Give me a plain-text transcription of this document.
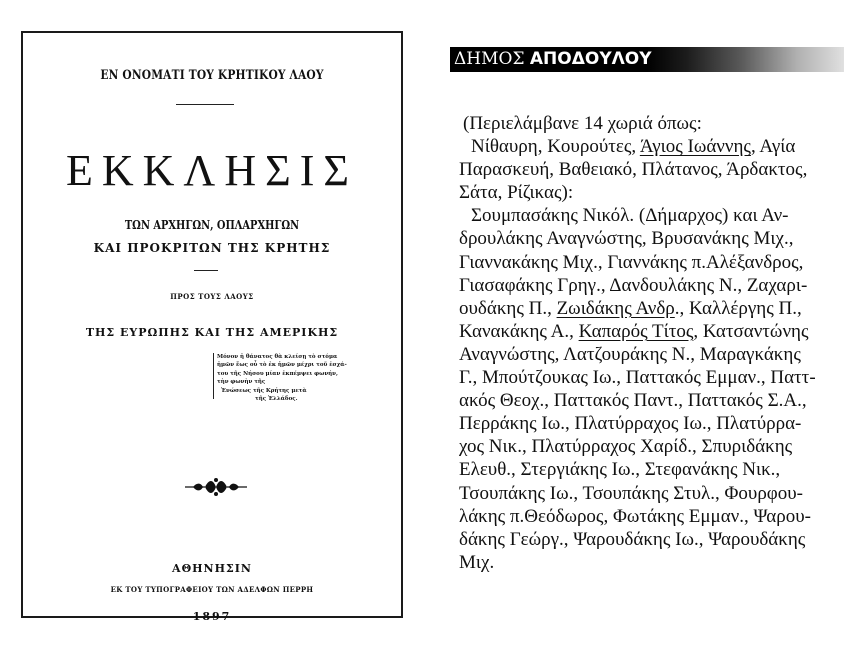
ΕΝ ΟΝΟΜΑΤΙ ΤΟΥ ΚΡΗΤΙΚΟΥ ΛΑΟΥ
ΕΚΚΛΗΣΙΣ
ΤΩΝ ΑΡΧΗΓΩΝ, ΟΠΛΑΡΧΗΓΩΝ
ΚΑΙ ΠΡΟΚΡΙΤΩΝ ΤΗΣ ΚΡΗΤΗΣ
ΠΡΟΣ ΤΟΥΣ ΛΑΟΥΣ
ΤΗΣ ΕΥΡΩΠΗΣ ΚΑΙ ΤΗΣ ΑΜΕΡΙΚΗΣ
Μόνον ἡ θάνατος θὰ κλείσῃ τὸ στόμα
ἡμῶν ἕως οὗ τὸ ἐκ ἡμῶν μέχρι τοῦ ἐσχά-
του τῆς Νήσου μίαν ἐκπέμψει φωνήν,
τὴν φωνὴν τῆς
Ἑνώσεως τῆς Κρήτης μετὰ
τῆς Ἑλλάδος.
ΑΘΗΝΗΣΙΝ
ΕΚ ΤΟΥ ΤΥΠΟΓΡΑΦΕΙΟΥ ΤΩΝ ΑΔΕΛΦΩΝ ΠΕΡΡΗ
1897
ΔΗΜΟΣ ΑΠΟΔΟΥΛΟΥ
(Περιελάμβανε 14 χωριά όπως:
Νίθαυρη, Κουρούτες, Άγιος Ιωάννης, Αγία
Παρασκευή, Βαθειακό, Πλάτανος, Άρδακτος,
Σάτα, Ρίζικας):
Σουμπασάκης Νικόλ. (Δήμαρχος) και Αν-
δρουλάκης Αναγνώστης, Βρυσανάκης Μιχ.,
Γιαννακάκης Μιχ., Γιαννάκης π.Αλέξανδρος,
Γιασαφάκης Γρηγ., Δανδουλάκης Ν., Ζαχαρι-
ουδάκης Π., Ζωιδάκης Ανδρ., Καλλέργης Π.,
Κανακάκης Α., Καπαρός Τίτος, Κατσαντώνης
Αναγνώστης, Λατζουράκης Ν., Μαραγκάκης
Γ., Μπούτζουκας Ιω., Παττακός Εμμαν., Παττ-
ακός Θεοχ., Παττακός Παντ., Παττακός Σ.Α.,
Περράκης Ιω., Πλατύρραχος Ιω., Πλατύρρα-
χος Νικ., Πλατύρραχος Χαρίδ., Σπυριδάκης
Ελευθ., Στεργιάκης Ιω., Στεφανάκης Νικ.,
Τσουπάκης Ιω., Τσουπάκης Στυλ., Φουρφου-
λάκης π.Θεόδωρος, Φωτάκης Εμμαν., Ψαρου-
δάκης Γεώργ., Ψαρουδάκης Ιω., Ψαρουδάκης
Μιχ.
